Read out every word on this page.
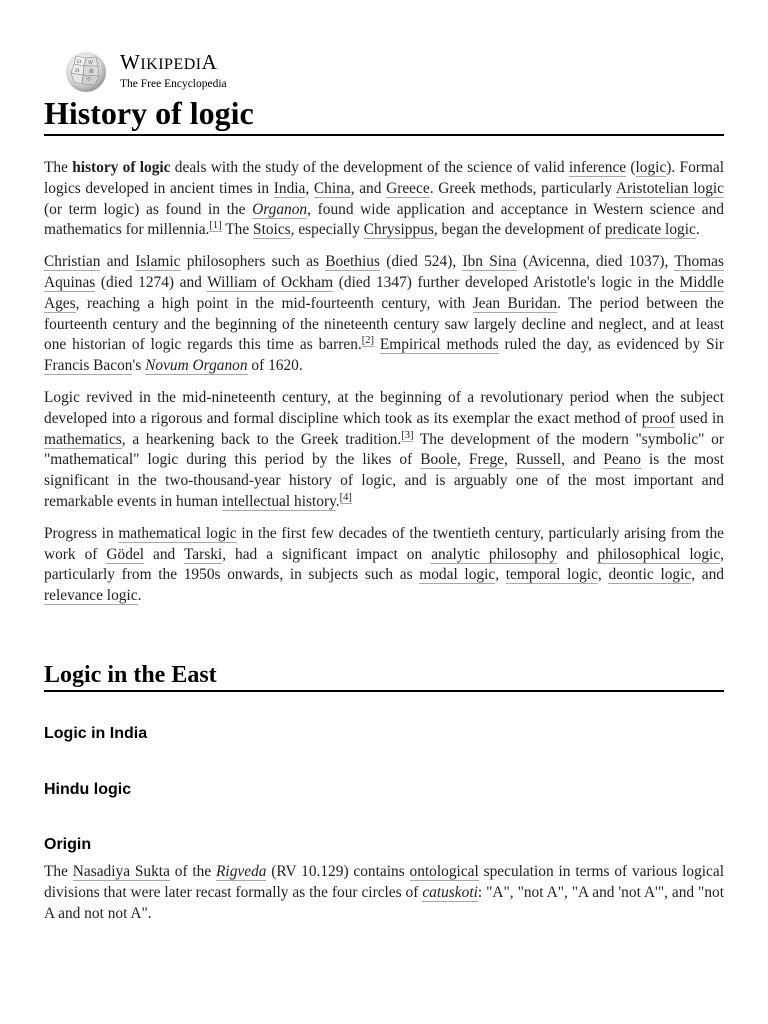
Ω W
И 維
ウ
WIKIPEDIA
The Free Encyclopedia
History of logic

The history of logic deals with the study of the development of the science of valid inference (logic). Formal logics developed in ancient times in India, China, and Greece. Greek methods, particularly Aristotelian logic (or term logic) as found in the Organon, found wide application and acceptance in Western science and mathematics for millennia.[1] The Stoics, especially Chrysippus, began the development of predicate logic.

Christian and Islamic philosophers such as Boethius (died 524), Ibn Sina (Avicenna, died 1037), Thomas Aquinas (died 1274) and William of Ockham (died 1347) further developed Aristotle's logic in the Middle Ages, reaching a high point in the mid-fourteenth century, with Jean Buridan. The period between the fourteenth century and the beginning of the nineteenth century saw largely decline and neglect, and at least one historian of logic regards this time as barren.[2] Empirical methods ruled the day, as evidenced by Sir Francis Bacon's Novum Organon of 1620.

Logic revived in the mid-nineteenth century, at the beginning of a revolutionary period when the subject developed into a rigorous and formal discipline which took as its exemplar the exact method of proof used in mathematics, a hearkening back to the Greek tradition.[3] The development of the modern "symbolic" or "mathematical" logic during this period by the likes of Boole, Frege, Russell, and Peano is the most significant in the two-thousand-year history of logic, and is arguably one of the most important and remarkable events in human intellectual history.[4]

Progress in mathematical logic in the first few decades of the twentieth century, particularly arising from the work of Gödel and Tarski, had a significant impact on analytic philosophy and philosophical logic, particularly from the 1950s onwards, in subjects such as modal logic, temporal logic, deontic logic, and relevance logic.

Logic in the East
Logic in India
Hindu logic
Origin

The Nasadiya Sukta of the Rigveda (RV 10.129) contains ontological speculation in terms of various logical divisions that were later recast formally as the four circles of catuskoti: "A", "not A", "A and 'not A'", and "not A and not not A".
